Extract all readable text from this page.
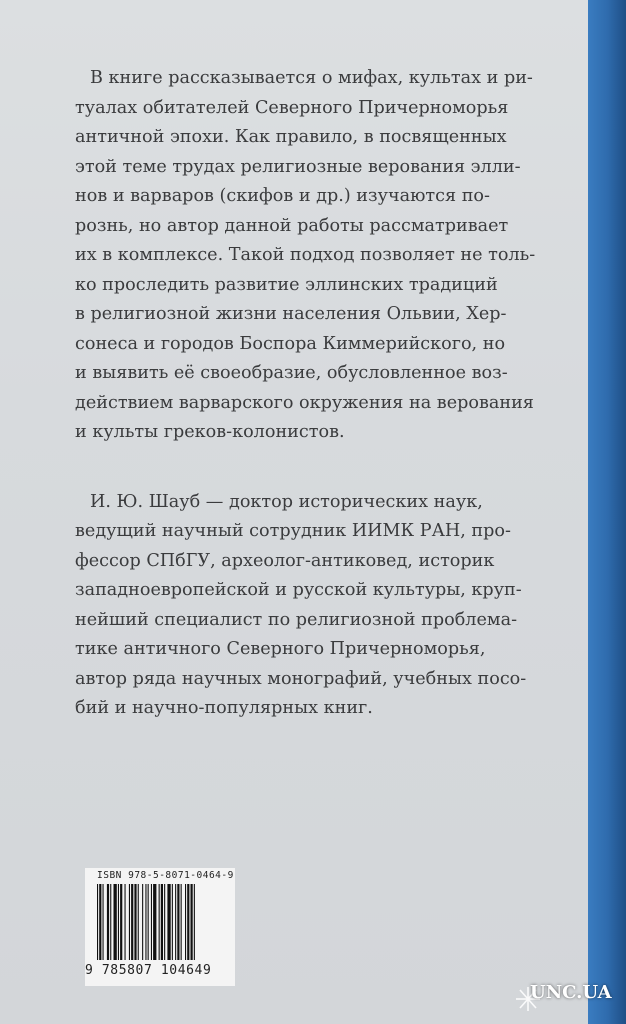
В книге рассказывается о мифах, культах и ри-

туалах обитателей Северного Причерноморья

античной эпохи. Как правило, в посвященных

этой теме трудах религиозные верования элли-

нов и варваров (скифов и др.) изучаются по-

рознь, но автор данной работы рассматривает

их в комплексе. Такой подход позволяет не толь-

ко проследить развитие эллинских традиций

в религиозной жизни населения Ольвии, Хер-

сонеса и городов Боспора Киммерийского, но

и выявить её своеобразие, обусловленное воз-

действием варварского окружения на верования

и культы греков-колонистов.

И. Ю. Шауб — доктор исторических наук,

ведущий научный сотрудник ИИМК РАН, про-

фессор СПбГУ, археолог-антиковед, историк

западноевропейской и русской культуры, круп-

нейший специалист по религиозной проблема-

тике античного Северного Причерноморья,

автор ряда научных монографий, учебных посо-

бий и научно-популярных книг.

ISBN 978-5-8071-0464-9
9 785807 104649
UNC.UA
